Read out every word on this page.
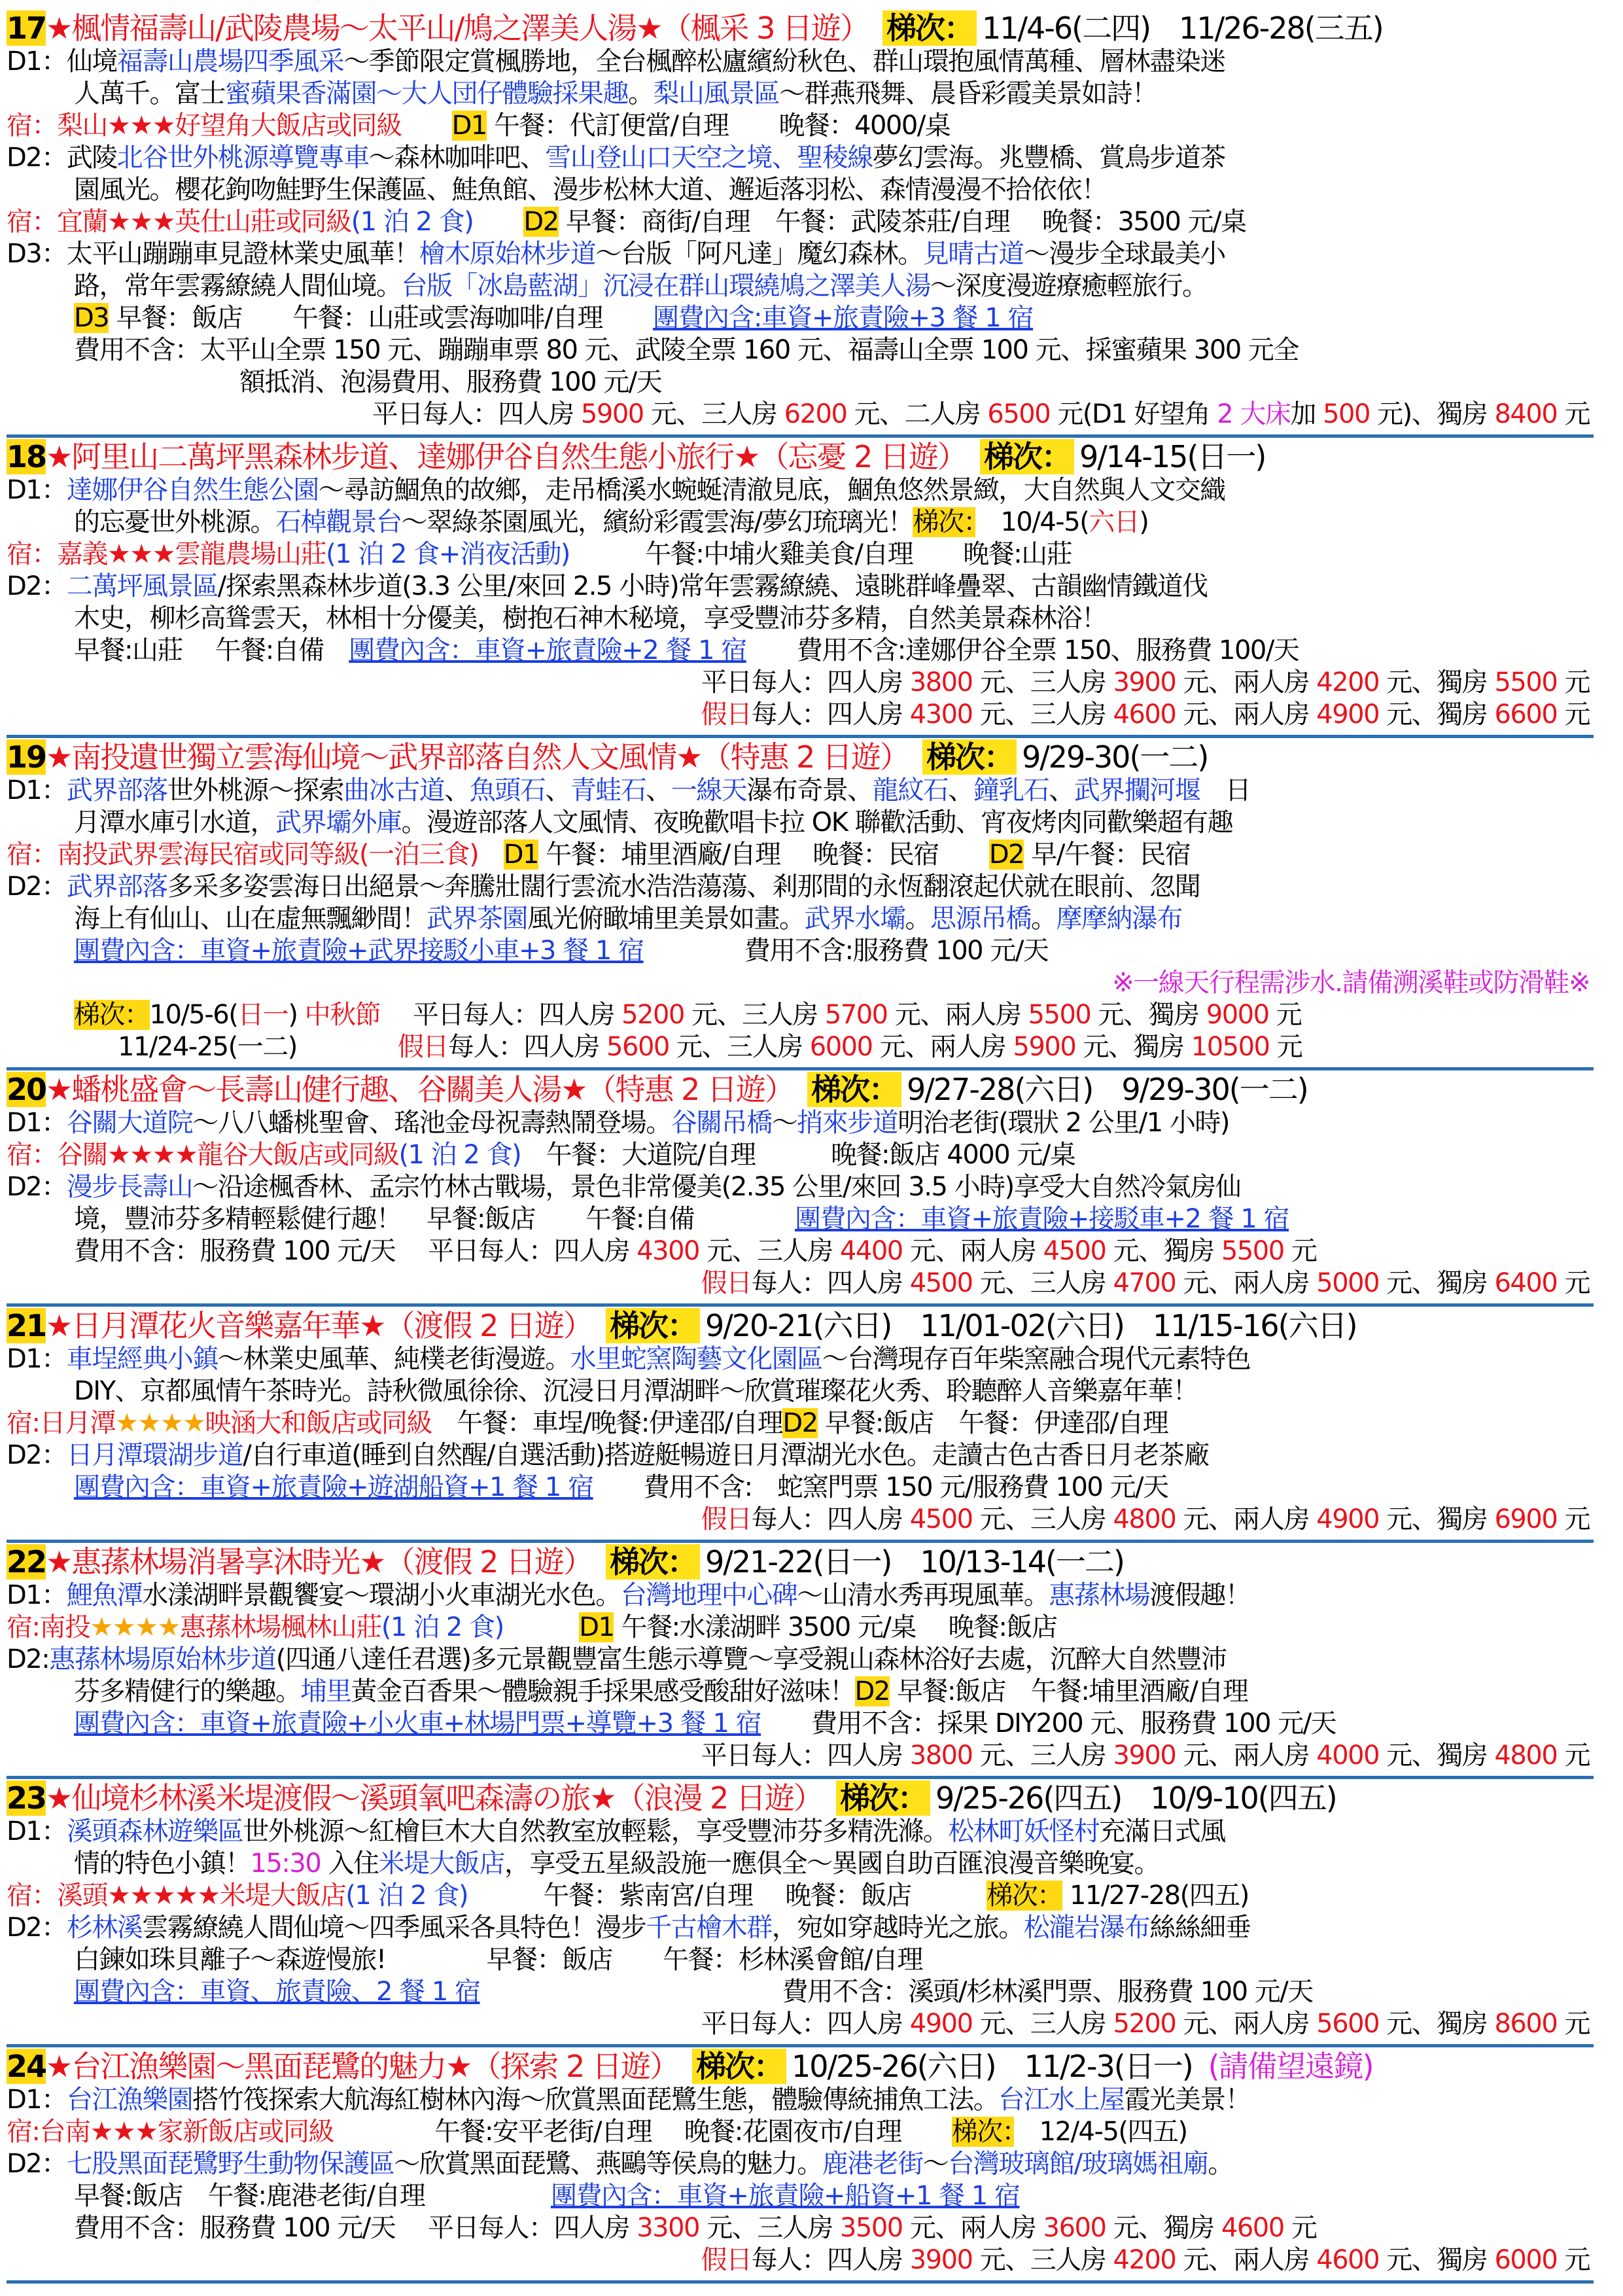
17★楓情福壽山/武陵農場～太平山/鳩之澤美人湯★（楓采 3 日遊）　 梯次： 11/4-6(二四)　11/26-28(三五)
D1：仙境福壽山農場四季風采～季節限定賞楓勝地，全台楓醉松廬繽紛秋色、群山環抱風情萬種、層林盡染迷
人萬千。富士蜜蘋果香滿園～大人団仔體驗採果趣。梨山風景區～群燕飛舞、晨昏彩霞美景如詩！
宿：梨山★★★好望角大飯店或同級　　 D1 午餐：代訂便當/自理　　晚餐：4000/桌
D2：武陵北谷世外桃源導覽專車～森林咖啡吧、雪山登山口天空之境、聖稜線夢幻雲海。兆豐橋、賞鳥步道茶
園風光。櫻花鉤吻鮭野生保護區、鮭魚館、漫步松林大道、邂逅落羽松、森情漫漫不拾依依！
宿：宜蘭★★★英仕山莊或同級(1 泊 2 食)　　 D2 早餐：商街/自理　午餐：武陵茶莊/自理　 晚餐：3500 元/桌
D3：太平山蹦蹦車見證林業史風華！檜木原始林步道～台版「阿凡達」魔幻森林。見晴古道～漫步全球最美小
路，常年雲霧繚繞人間仙境。台版「冰島藍湖」沉浸在群山環繞鳩之澤美人湯～深度漫遊療癒輕旅行。
D3 早餐：飯店　　午餐：山莊或雲海咖啡/自理　　團費內含:車資+旅責險+3 餐 1 宿
費用不含：太平山全票 150 元、蹦蹦車票 80 元、武陵全票 160 元、福壽山全票 100 元、採蜜蘋果 300 元全
額抵消、泡湯費用、服務費 100 元/天
平日每人：四人房 5900 元、三人房 6200 元、二人房 6500 元(D1 好望角 2 大床加 500 元)、獨房 8400 元
18★阿里山二萬坪黑森林步道、達娜伊谷自然生態小旅行★（忘憂 2 日遊）　 梯次： 9/14-15(日一)
D1：達娜伊谷自然生態公園～尋訪鯝魚的故鄉，走吊橋溪水蜿蜒清澈見底，鯝魚悠然景緻，大自然與人文交織
的忘憂世外桃源。石棹觀景台～翠綠茶園風光，繽紛彩霞雲海/夢幻琉璃光！梯次：　10/4-5(六日)
宿：嘉義★★★雲龍農場山莊(1 泊 2 食+消夜活動)　　　午餐:中埔火雞美食/自理　　晚餐:山莊
D2：二萬坪風景區/探索黑森林步道(3.3 公里/來回 2.5 小時)常年雲霧繚繞、遠眺群峰疊翠、古韻幽情鐵道伐
木史，柳杉高聳雲天，林相十分優美，樹抱石神木秘境，享受豐沛芬多精，自然美景森林浴！
早餐:山莊　 午餐:自備　團費內含：車資+旅責險+2 餐 1 宿　　費用不含:達娜伊谷全票 150、服務費 100/天
平日每人：四人房 3800 元、三人房 3900 元、兩人房 4200 元、獨房 5500 元
假日每人：四人房 4300 元、三人房 4600 元、兩人房 4900 元、獨房 6600 元
19★南投遺世獨立雲海仙境～武界部落自然人文風情★（特惠 2 日遊）　 梯次： 9/29-30(一二)
D1：武界部落世外桃源～探索曲冰古道、魚頭石、青蛙石、一線天瀑布奇景、龍紋石、鐘乳石、武界攔河堰　日
月潭水庫引水道，武界壩外庫。漫遊部落人文風情、夜晚歡唱卡拉 OK 聯歡活動、宵夜烤肉同歡樂超有趣
宿：南投武界雲海民宿或同等級(一泊三食)　 D1 午餐：埔里酒廠/自理　 晚餐：民宿　　D2 早/午餐：民宿
D2：武界部落多采多姿雲海日出絕景～奔騰壯闊行雲流水浩浩蕩蕩、剎那間的永恆翻滾起伏就在眼前、忽聞
海上有仙山、山在虛無飄緲間！武界茶園風光俯瞰埔里美景如畫。武界水壩。思源吊橋。摩摩納瀑布
團費內含：車資+旅責險+武界接駁小車+3 餐 1 宿　　　　費用不含:服務費 100 元/天
※一線天行程需涉水.請備溯溪鞋或防滑鞋※
梯次：10/5-6(日一) 中秋節　 平日每人：四人房 5200 元、三人房 5700 元、兩人房 5500 元、獨房 9000 元
11/24-25(一二)　　　　假日每人：四人房 5600 元、三人房 6000 元、兩人房 5900 元、獨房 10500 元
20★蟠桃盛會～長壽山健行趣、谷關美人湯★（特惠 2 日遊）　 梯次： 9/27-28(六日)　9/29-30(一二)
D1：谷關大道院～八八蟠桃聖會、瑤池金母祝壽熱鬧登場。谷關吊橋～捎來步道明治老街(環狀 2 公里/1 小時)
宿：谷關★★★★龍谷大飯店或同級(1 泊 2 食)　午餐：大道院/自理　　　晚餐:飯店 4000 元/桌
D2：漫步長壽山～沿途楓香林、孟宗竹林古戰場，景色非常優美(2.35 公里/來回 3.5 小時)享受大自然冷氣房仙
境，豐沛芬多精輕鬆健行趣！　早餐:飯店　　午餐:自備　　　　團費內含：車資+旅責險+接駁車+2 餐 1 宿
費用不含：服務費 100 元/天　 平日每人：四人房 4300 元、三人房 4400 元、兩人房 4500 元、獨房 5500 元
假日每人：四人房 4500 元、三人房 4700 元、兩人房 5000 元、獨房 6400 元
21★日月潭花火音樂嘉年華★（渡假 2 日遊）　 梯次： 9/20-21(六日)　11/01-02(六日)　11/15-16(六日)
D1：車埕經典小鎮～林業史風華、純樸老街漫遊。水里蛇窯陶藝文化園區～台灣現存百年柴窯融合現代元素特色
DIY、京都風情午茶時光。詩秋微風徐徐、沉浸日月潭湖畔～欣賞璀璨花火秀、聆聽醉人音樂嘉年華！
宿:日月潭★★★★映涵大和飯店或同級　午餐：車埕/晚餐:伊達邵/自理D2 早餐:飯店　午餐：伊達邵/自理
D2：日月潭環湖步道/自行車道(睡到自然醒/自選活動)搭遊艇暢遊日月潭湖光水色。走讀古色古香日月老茶廠
團費內含：車資+旅責險+遊湖船資+1 餐 1 宿　　費用不含:　蛇窯門票 150 元/服務費 100 元/天
假日每人：四人房 4500 元、三人房 4800 元、兩人房 4900 元、獨房 6900 元
22★惠蓀林場消暑享沐時光★（渡假 2 日遊）　 梯次： 9/21-22(日一)　10/13-14(一二)
D1：鯉魚潭水漾湖畔景觀饗宴～環湖小火車湖光水色。台灣地理中心碑～山清水秀再現風華。惠蓀林場渡假趣！
宿:南投★★★★惠蓀林場楓林山莊(1 泊 2 食)　　　	D1 午餐:水漾湖畔 3500 元/桌　 晚餐:飯店
D2:惠蓀林場原始林步道(四通八達任君選)多元景觀豐富生態示導覽～享受親山森林浴好去處，沉醉大自然豐沛
芬多精健行的樂趣。埔里黃金百香果～體驗親手採果感受酸甜好滋味！D2 早餐:飯店　午餐:埔里酒廠/自理
團費內含：車資+旅責險+小火車+林場門票+導覽+3 餐 1 宿　　費用不含：採果 DIY200 元、服務費 100 元/天
平日每人：四人房 3800 元、三人房 3900 元、兩人房 4000 元、獨房 4800 元
23★仙境杉林溪米堤渡假～溪頭氧吧森濤の旅★（浪漫 2 日遊）　 梯次： 9/25-26(四五)　10/9-10(四五)
D1：溪頭森林遊樂區世外桃源～紅檜巨木大自然教室放輕鬆，享受豐沛芬多精洗滌。松林町妖怪村充滿日式風
情的特色小鎮！15:30 入住米堤大飯店，享受五星級設施一應俱全～異國自助百匯浪漫音樂晚宴。
宿：溪頭★★★★★米堤大飯店(1 泊 2 食)　　　午餐：紫南宮/自理　 晚餐：飯店　　　梯次： 11/27-28(四五)
D2：杉林溪雲霧繚繞人間仙境～四季風采各具特色！漫步千古檜木群，宛如穿越時光之旅。松瀧岩瀑布絲絲細垂
白鍊如珠貝離子～森遊慢旅!　　　　早餐：飯店　　午餐：杉林溪會館/自理
團費內含：車資、旅責險、2 餐 1 宿　　　　　　　　　　　　費用不含：溪頭/杉林溪門票、服務費 100 元/天
平日每人：四人房 4900 元、三人房 5200 元、兩人房 5600 元、獨房 8600 元
24★台江漁樂園～黑面琵鷺的魅力★（探索 2 日遊）　 梯次： 10/25-26(六日)　11/2-3(日一) (請備望遠鏡)
D1：台江漁樂園搭竹筏探索大航海紅樹林內海～欣賞黑面琵鷺生態，體驗傳統捕魚工法。台江水上屋霞光美景！
宿:台南★★★家新飯店或同級　　　　午餐:安平老街/自理　 晚餐:花園夜市/自理　　梯次：　12/4-5(四五)
D2：七股黑面琵鷺野生動物保護區～欣賞黑面琵鷺、燕鷗等侯鳥的魅力。鹿港老街～台灣玻璃館/玻璃媽祖廟。
早餐:飯店　午餐:鹿港老街/自理　　　　　團費內含：車資+旅責險+船資+1 餐 1 宿
費用不含：服務費 100 元/天　 平日每人：四人房 3300 元、三人房 3500 元、兩人房 3600 元、獨房 4600 元
假日每人：四人房 3900 元、三人房 4200 元、兩人房 4600 元、獨房 6000 元
